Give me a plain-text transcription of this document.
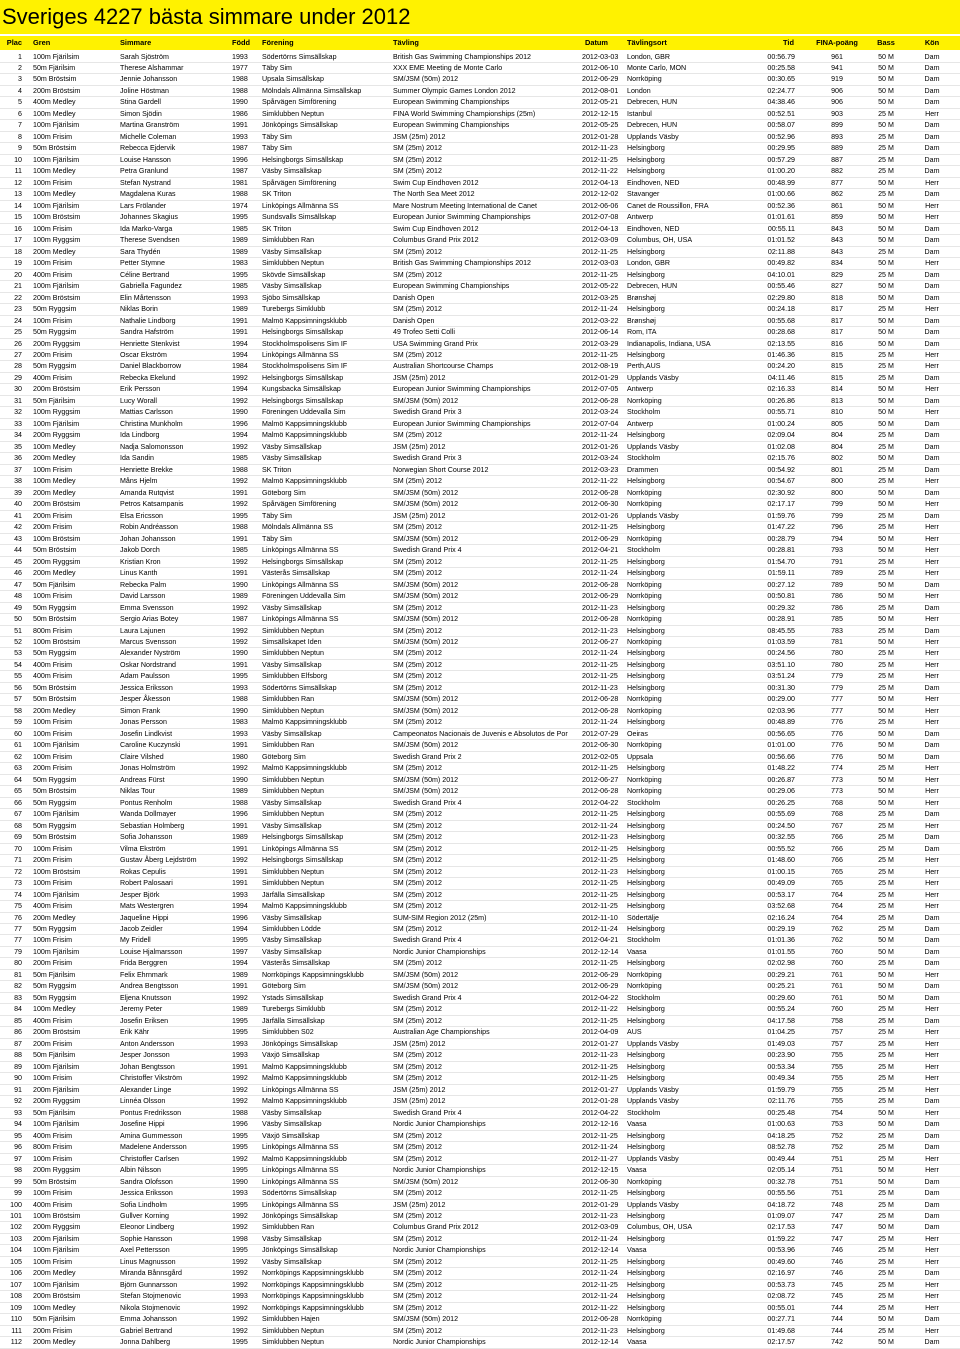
Sveriges 4227 bästa simmare under 2012
Plac Gren	Simmare	Född	Förening	Tävling	Datum	Tävlingsort	Tid	FINA-poäng	Bass	Kön
1 100m Fjärilsim	Sarah Sjöström	1993	Södertörns Simsällskap	British Gas Swimming Championships 2012	2012-03-03	London, GBR	00:56.79	961	50 M	Dam
2 50m Fjärilsim	Therese Alshammar	1977	Täby Sim	XXX EME Meeting de Monte Carlo	2012-06-10	Monte Carlo, MON	00:25.58	941	50 M	Dam
3 50m Bröstsim	Jennie Johansson	1988	Upsala Simsällskap	SM/JSM (50m) 2012	2012-06-29	Norrköping	00:30.65	919	50 M	Dam
4 200m Bröstsim	Joline Höstman	1988	Mölndals Allmänna Simsällskap	Summer Olympic Games London 2012	2012-08-01	London	02:24.77	906	50 M	Dam
5 400m Medley	Stina Gardell	1990	Spårvägen Simförening	European Swimming Championships	2012-05-21	Debrecen, HUN	04:38.46	906	50 M	Dam
6 100m Medley	Simon Sjödin	1986	Simklubben Neptun	FINA World Swimming Championships (25m)	2012-12-15	Istanbul	00:52.51	903	25 M	Herr
7 100m Fjärilsim	Martina Granström	1991	Jönköpings Simsällskap	European Swimming Championships	2012-05-25	Debrecen, HUN	00:58.07	899	50 M	Dam
8 100m Frisim	Michelle Coleman	1993	Täby Sim	JSM (25m) 2012	2012-01-28	Upplands Väsby	00:52.96	893	25 M	Dam
9 50m Bröstsim	Rebecca Ejdervik	1987	Täby Sim	SM (25m) 2012	2012-11-23	Helsingborg	00:29.95	889	25 M	Dam
10 100m Fjärilsim	Louise Hansson	1996	Helsingborgs Simsällskap	SM (25m) 2012	2012-11-25	Helsingborg	00:57.29	887	25 M	Dam
11 100m Medley	Petra Granlund	1987	Väsby Simsällskap	SM (25m) 2012	2012-11-22	Helsingborg	01:00.20	882	25 M	Dam
12 100m Frisim	Stefan Nystrand	1981	Spårvägen Simförening	Swim Cup Eindhoven 2012	2012-04-13	Eindhoven, NED	00:48.99	877	50 M	Herr
13 100m Medley	Magdalena Kuras	1988	SK Triton	The North Sea Meet 2012	2012-12-02	Stavanger	01:00.66	862	25 M	Dam
14 100m Fjärilsim	Lars Frölander	1974	Linköpings Allmänna SS	Mare Nostrum Meeting International de Canet	2012-06-06	Canet de Roussillon, FRA	00:52.36	861	50 M	Herr
15 100m Bröstsim	Johannes Skagius	1995	Sundsvalls Simsällskap	European Junior Swimming Championships	2012-07-08	Antwerp	01:01.61	859	50 M	Herr
16 100m Frisim	Ida Marko-Varga	1985	SK Triton	Swim Cup Eindhoven 2012	2012-04-13	Eindhoven, NED	00:55.11	843	50 M	Dam
17 100m Ryggsim	Therese Svendsen	1989	Simklubben Ran	Columbus Grand Prix 2012	2012-03-09	Columbus, OH, USA	01:01.52	843	50 M	Dam
18 200m Medley	Sara Thydén	1989	Väsby Simsällskap	SM (25m) 2012	2012-11-25	Helsingborg	02:11.88	843	25 M	Dam
19 100m Frisim	Petter Stymne	1983	Simklubben Neptun	British Gas Swimming Championships 2012	2012-03-03	London, GBR	00:49.82	834	50 M	Herr
20 400m Frisim	Céline Bertrand	1995	Skövde Simsällskap	SM (25m) 2012	2012-11-25	Helsingborg	04:10.01	829	25 M	Dam
21 100m Fjärilsim	Gabriella Fagundez	1985	Väsby Simsällskap	European Swimming Championships	2012-05-22	Debrecen, HUN	00:55.46	827	50 M	Dam
22 200m Bröstsim	Elin Mårtensson	1993	Sjöbo Simsällskap	Danish Open	2012-03-25	Brønshøj	02:29.80	818	50 M	Dam
23 50m Ryggsim	Niklas Borin	1989	Turebergs Simklubb	SM (25m) 2012	2012-11-24	Helsingborg	00:24.18	817	25 M	Herr
24 100m Frisim	Nathalie Lindborg	1991	Malmö Kappsimningsklubb	Danish Open	2012-03-22	Brønshøj	00:55.68	817	50 M	Dam
25 50m Ryggsim	Sandra Hafström	1991	Helsingborgs Simsällskap	49 Trofeo Setti Colli	2012-06-14	Rom, ITA	00:28.68	817	50 M	Dam
26 200m Ryggsim	Henriette Stenkvist	1994	Stockholmspolisens Sim IF	USA Swimming Grand Prix	2012-03-29	Indianapolis, Indiana, USA	02:13.55	816	50 M	Dam
27 200m Frisim	Oscar Ekström	1994	Linköpings Allmänna SS	SM (25m) 2012	2012-11-25	Helsingborg	01:46.36	815	25 M	Herr
28 50m Ryggsim	Daniel Blackborrow	1984	Stockholmspolisens Sim IF	Australian Shortcourse Champs	2012-08-19	Perth,AUS	00:24.20	815	25 M	Herr
29 400m Frisim	Rebecka Ekelund	1992	Helsingborgs Simsällskap	JSM (25m) 2012	2012-01-29	Upplands Väsby	04:11.46	815	25 M	Dam
30 200m Bröstsim	Erik Persson	1994	Kungsbacka Simsällskap	European Junior Swimming Championships	2012-07-05	Antwerp	02:16.33	814	50 M	Herr
31 50m Fjärilsim	Lucy Worall	1992	Helsingborgs Simsällskap	SM/JSM (50m) 2012	2012-06-28	Norrköping	00:26.86	813	50 M	Dam
32 100m Ryggsim	Mattias Carlsson	1990	Föreningen Uddevalla Sim	Swedish Grand Prix 3	2012-03-24	Stockholm	00:55.71	810	50 M	Herr
33 100m Fjärilsim	Christina Munkholm	1996	Malmö Kappsimningsklubb	European Junior Swimming Championships	2012-07-04	Antwerp	01:00.24	805	50 M	Dam
34 200m Ryggsim	Ida Lindborg	1994	Malmö Kappsimningsklubb	SM (25m) 2012	2012-11-24	Helsingborg	02:09.04	804	25 M	Dam
35 100m Medley	Nadja Salomonsson	1992	Väsby Simsällskap	JSM (25m) 2012	2012-01-26	Upplands Väsby	01:02.08	804	25 M	Dam
36 200m Medley	Ida Sandin	1985	Väsby Simsällskap	Swedish Grand Prix 3	2012-03-24	Stockholm	02:15.76	802	50 M	Dam
37 100m Frisim	Henriette Brekke	1988	SK Triton	Norwegian Short Course 2012	2012-03-23	Drammen	00:54.92	801	25 M	Dam
38 100m Medley	Måns Hjelm	1992	Malmö Kappsimningsklubb	SM (25m) 2012	2012-11-22	Helsingborg	00:54.67	800	25 M	Herr
39 200m Medley	Amanda Rutqvist	1991	Göteborg Sim	SM/JSM (50m) 2012	2012-06-28	Norrköping	02:30.92	800	50 M	Dam
40 200m Bröstsim	Petros Katsampanis	1992	Spårvägen Simförening	SM/JSM (50m) 2012	2012-06-30	Norrköping	02:17.17	799	50 M	Herr
41 200m Frisim	Elsa Ericsson	1995	Täby Sim	JSM (25m) 2012	2012-01-26	Upplands Väsby	01:59.76	799	25 M	Dam
42 200m Frisim	Robin Andréasson	1988	Mölndals Allmänna SS	SM (25m) 2012	2012-11-25	Helsingborg	01:47.22	796	25 M	Herr
43 100m Bröstsim	Johan Johansson	1991	Täby Sim	SM/JSM (50m) 2012	2012-06-29	Norrköping	00:28.79	794	50 M	Herr
44 50m Bröstsim	Jakob Dorch	1985	Linköpings Allmänna SS	Swedish Grand Prix 4	2012-04-21	Stockholm	00:28.81	793	50 M	Herr
45 200m Ryggsim	Kristian Kron	1992	Helsingborgs Simsällskap	SM (25m) 2012	2012-11-25	Helsingborg	01:54.70	791	25 M	Herr
46 200m Medley	Linus Kanth	1991	Västerås Simsällskap	SM (25m) 2012	2012-11-24	Helsingborg	01:59.11	789	25 M	Herr
47 50m Fjärilsim	Rebecka Palm	1990	Linköpings Allmänna SS	SM/JSM (50m) 2012	2012-06-28	Norrköping	00:27.12	789	50 M	Dam
48 100m Frisim	David Larsson	1989	Föreningen Uddevalla Sim	SM/JSM (50m) 2012	2012-06-29	Norrköping	00:50.81	786	50 M	Herr
49 50m Ryggsim	Emma Svensson	1992	Väsby Simsällskap	SM (25m) 2012	2012-11-23	Helsingborg	00:29.32	786	25 M	Dam
50 50m Bröstsim	Sergio Arias Botey	1987	Linköpings Allmänna SS	SM/JSM (50m) 2012	2012-06-28	Norrköping	00:28.91	785	50 M	Herr
51 800m Frisim	Laura Lajunen	1992	Simklubben Neptun	SM (25m) 2012	2012-11-23	Helsingborg	08:45.55	783	25 M	Dam
52 100m Bröstsim	Marcus Svensson	1992	Simsällskapet Iden	SM/JSM (50m) 2012	2012-06-27	Norrköping	01:03.59	781	50 M	Herr
53 50m Ryggsim	Alexander Nyström	1990	Simklubben Neptun	SM (25m) 2012	2012-11-24	Helsingborg	00:24.56	780	25 M	Herr
54 400m Frisim	Oskar Nordstrand	1991	Väsby Simsällskap	SM (25m) 2012	2012-11-25	Helsingborg	03:51.10	780	25 M	Herr
55 400m Frisim	Adam Paulsson	1995	Simklubben Elfsborg	SM (25m) 2012	2012-11-25	Helsingborg	03:51.24	779	25 M	Herr
56 50m Bröstsim	Jessica Eriksson	1993	Södertörns Simsällskap	SM (25m) 2012	2012-11-23	Helsingborg	00:31.30	779	25 M	Dam
57 50m Bröstsim	Jesper Åkesson	1988	Simklubben Ran	SM/JSM (50m) 2012	2012-06-28	Norrköping	00:29.00	777	50 M	Herr
58 200m Medley	Simon Frank	1990	Simklubben Neptun	SM/JSM (50m) 2012	2012-06-28	Norrköping	02:03.96	777	50 M	Herr
59 100m Frisim	Jonas Persson	1983	Malmö Kappsimningsklubb	SM (25m) 2012	2012-11-24	Helsingborg	00:48.89	776	25 M	Herr
60 100m Frisim	Josefin Lindkvist	1993	Väsby Simsällskap	Campeonatos Nacionais de Juvenis e Absolutos de Por	2012-07-29	Oeiras	00:56.65	776	50 M	Dam
61 100m Fjärilsim	Caroline Kuczynski	1991	Simklubben Ran	SM/JSM (50m) 2012	2012-06-30	Norrköping	01:01.00	776	50 M	Dam
62 100m Frisim	Claire Vilshed	1980	Göteborg Sim	Swedish Grand Prix 2	2012-02-05	Uppsala	00:56.66	776	50 M	Dam
63 200m Frisim	Jonas Holmström	1992	Malmö Kappsimningsklubb	SM (25m) 2012	2012-11-25	Helsingborg	01:48.22	774	25 M	Herr
64 50m Ryggsim	Andreas Fürst	1990	Simklubben Neptun	SM/JSM (50m) 2012	2012-06-27	Norrköping	00:26.87	773	50 M	Herr
65 50m Bröstsim	Niklas Tour	1989	Simklubben Neptun	SM/JSM (50m) 2012	2012-06-28	Norrköping	00:29.06	773	50 M	Herr
66 50m Ryggsim	Pontus Renholm	1988	Väsby Simsällskap	Swedish Grand Prix 4	2012-04-22	Stockholm	00:26.25	768	50 M	Herr
67 100m Fjärilsim	Wanda Dollmayer	1996	Simklubben Neptun	SM (25m) 2012	2012-11-25	Helsingborg	00:55.69	768	25 M	Dam
68 50m Ryggsim	Sebastian Holmberg	1991	Väsby Simsällskap	SM (25m) 2012	2012-11-24	Helsingborg	00:24.50	767	25 M	Herr
69 50m Bröstsim	Sofia Johansson	1989	Helsingborgs Simsällskap	SM (25m) 2012	2012-11-23	Helsingborg	00:32.55	766	25 M	Dam
70 100m Frisim	Vilma Ekström	1991	Linköpings Allmänna SS	SM (25m) 2012	2012-11-25	Helsingborg	00:55.52	766	25 M	Dam
71 200m Frisim	Gustav Åberg Lejdström	1992	Helsingborgs Simsällskap	SM (25m) 2012	2012-11-25	Helsingborg	01:48.60	766	25 M	Herr
72 100m Bröstsim	Rokas Cepulis	1991	Simklubben Neptun	SM (25m) 2012	2012-11-23	Helsingborg	01:00.15	765	25 M	Herr
73 100m Frisim	Robert Palosaari	1991	Simklubben Neptun	SM (25m) 2012	2012-11-25	Helsingborg	00:49.09	765	25 M	Herr
74 100m Fjärilsim	Jesper Björk	1993	Järfälla Simsällskap	SM (25m) 2012	2012-11-25	Helsingborg	00:53.17	764	25 M	Herr
75 400m Frisim	Mats Westergren	1994	Malmö Kappsimningsklubb	SM (25m) 2012	2012-11-25	Helsingborg	03:52.68	764	25 M	Herr
76 200m Medley	Jaqueline Hippi	1996	Väsby Simsällskap	SUM-SIM Region 2012 (25m)	2012-11-10	Södertälje	02:16.24	764	25 M	Dam
77 50m Ryggsim	Jacob Zeidler	1994	Simklubben Lödde	SM (25m) 2012	2012-11-24	Helsingborg	00:29.19	762	25 M	Dam
77 100m Frisim	My Fridell	1995	Väsby Simsällskap	Swedish Grand Prix 4	2012-04-21	Stockholm	01:01.36	762	50 M	Dam
79 100m Fjärilsim	Louise Hjalmarsson	1997	Väsby Simsällskap	Nordic Junior Championships	2012-12-14	Vaasa	01:01.55	760	50 M	Dam
80 200m Frisim	Frida Berggren	1994	Västerås Simsällskap	SM (25m) 2012	2012-11-25	Helsingborg	02:02.98	760	25 M	Dam
81 50m Fjärilsim	Felix Ehrnmark	1989	Norrköpings Kappsimningsklubb	SM/JSM (50m) 2012	2012-06-29	Norrköping	00:29.21	761	50 M	Herr
82 50m Ryggsim	Andrea Bengtsson	1991	Göteborg Sim	SM/JSM (50m) 2012	2012-06-29	Norrköping	00:25.21	761	50 M	Dam
83 50m Ryggsim	Eljena Knutsson	1992	Ystads Simsällskap	Swedish Grand Prix 4	2012-04-22	Stockholm	00:29.60	761	50 M	Dam
84 100m Medley	Jeremy Peter	1989	Turebergs Simklubb	SM (25m) 2012	2012-11-22	Helsingborg	00:55.24	760	25 M	Herr
85 400m Frisim	Josefin Eriksen	1995	Järfälla Simsällskap	SM (25m) 2012	2012-11-25	Helsingborg	04:17.58	758	25 M	Dam
86 200m Bröstsim	Erik Kähr	1995	Simklubben S02	Australian Age Championships	2012-04-09	AUS	01:04.25	757	25 M	Herr
87 200m Frisim	Anton Andersson	1993	Jönköpings Simsällskap	JSM (25m) 2012	2012-01-27	Upplands Väsby	01:49.03	757	25 M	Herr
88 50m Fjärilsim	Jesper Jonsson	1993	Växjö Simsällskap	SM (25m) 2012	2012-11-23	Helsingborg	00:23.90	755	25 M	Herr
89 100m Fjärilsim	Johan Bengtsson	1991	Malmö Kappsimningsklubb	SM (25m) 2012	2012-11-25	Helsingborg	00:53.34	755	25 M	Herr
90 100m Frisim	Christoffer Vikström	1992	Malmö Kappsimningsklubb	SM (25m) 2012	2012-11-25	Helsingborg	00:49.34	755	25 M	Herr
91 200m Fjärilsim	Alexander Linge	1992	Linköpings Allmänna SS	JSM (25m) 2012	2012-01-27	Upplands Väsby	01:59.79	755	25 M	Herr
92 200m Ryggsim	Linnéa Olsson	1992	Malmö Kappsimningsklubb	JSM (25m) 2012	2012-01-28	Upplands Väsby	02:11.76	755	25 M	Dam
93 50m Fjärilsim	Pontus Fredriksson	1988	Väsby Simsällskap	Swedish Grand Prix 4	2012-04-22	Stockholm	00:25.48	754	50 M	Herr
94 100m Fjärilsim	Josefine Hippi	1996	Väsby Simsällskap	Nordic Junior Championships	2012-12-16	Vaasa	01:00.63	753	50 M	Dam
95 400m Frisim	Amina Gummesson	1995	Växjö Simsällskap	SM (25m) 2012	2012-11-25	Helsingborg	04:18.25	752	25 M	Dam
96 800m Frisim	Madelene Andersson	1995	Linköpings Allmänna SS	SM (25m) 2012	2012-11-24	Helsingborg	08:52.78	752	25 M	Dam
97 100m Frisim	Christoffer Carlsen	1992	Malmö Kappsimningsklubb	SM (25m) 2012	2012-11-27	Upplands Väsby	00:49.44	751	25 M	Herr
98 200m Ryggsim	Albin Nilsson	1995	Linköpings Allmänna SS	Nordic Junior Championships	2012-12-15	Vaasa	02:05.14	751	50 M	Herr
99 50m Bröstsim	Sandra Olofsson	1990	Linköpings Allmänna SS	SM/JSM (50m) 2012	2012-06-30	Norrköping	00:32.78	751	50 M	Dam
99 100m Frisim	Jessica Eriksson	1993	Södertörns Simsällskap	SM (25m) 2012	2012-11-25	Helsingborg	00:55.56	751	25 M	Dam
100 400m Frisim	Sofia Lindholm	1995	Linköpings Allmänna SS	JSM (25m) 2012	2012-01-29	Upplands Väsby	04:18.72	748	25 M	Dam
101 100m Bröstsim	Gullver Korning	1992	Jönköpings Simsällskap	SM (25m) 2012	2012-11-23	Helsingborg	01:09.07	747	25 M	Dam
102 200m Ryggsim	Eleonor Lindberg	1992	Simklubben Ran	Columbus Grand Prix 2012	2012-03-09	Columbus, OH, USA	02:17.53	747	50 M	Dam
103 200m Fjärilsim	Sophie Hansson	1998	Väsby Simsällskap	SM (25m) 2012	2012-11-24	Helsingborg	01:59.22	747	25 M	Herr
104 100m Fjärilsim	Axel Pettersson	1995	Jönköpings Simsällskap	Nordic Junior Championships	2012-12-14	Vaasa	00:53.96	746	25 M	Herr
105 100m Frisim	Linus Magnusson	1992	Väsby Simsällskap	SM (25m) 2012	2012-11-25	Helsingborg	00:49.60	746	25 M	Herr
106 200m Medley	Miranda Bånnsgård	1992	Norrköpings Kappsimningsklubb	SM (25m) 2012	2012-11-24	Helsingborg	02:16.97	746	25 M	Dam
107 100m Fjärilsim	Björn Gunnarsson	1992	Norrköpings Kappsimningsklubb	SM (25m) 2012	2012-11-25	Helsingborg	00:53.73	745	25 M	Herr
108 200m Bröstsim	Stefan Stojmenovic	1993	Norrköpings Kappsimningsklubb	SM (25m) 2012	2012-11-24	Helsingborg	02:08.72	745	25 M	Herr
109 100m Medley	Nikola Stojmenovic	1992	Norrköpings Kappsimningsklubb	SM (25m) 2012	2012-11-22	Helsingborg	00:55.01	744	25 M	Herr
110 50m Fjärilsim	Emma Johansson	1992	Simklubben Hajen	SM/JSM (50m) 2012	2012-06-28	Norrköping	00:27.71	744	50 M	Dam
111 200m Frisim	Gabriel Bertrand	1992	Simklubben Neptun	SM (25m) 2012	2012-11-23	Helsingborg	01:49.68	744	25 M	Herr
112 200m Medley	Jonna Dahlberg	1995	Simklubben Neptun	Nordic Junior Championships	2012-12-14	Vaasa	02:17.57	742	50 M	Dam
